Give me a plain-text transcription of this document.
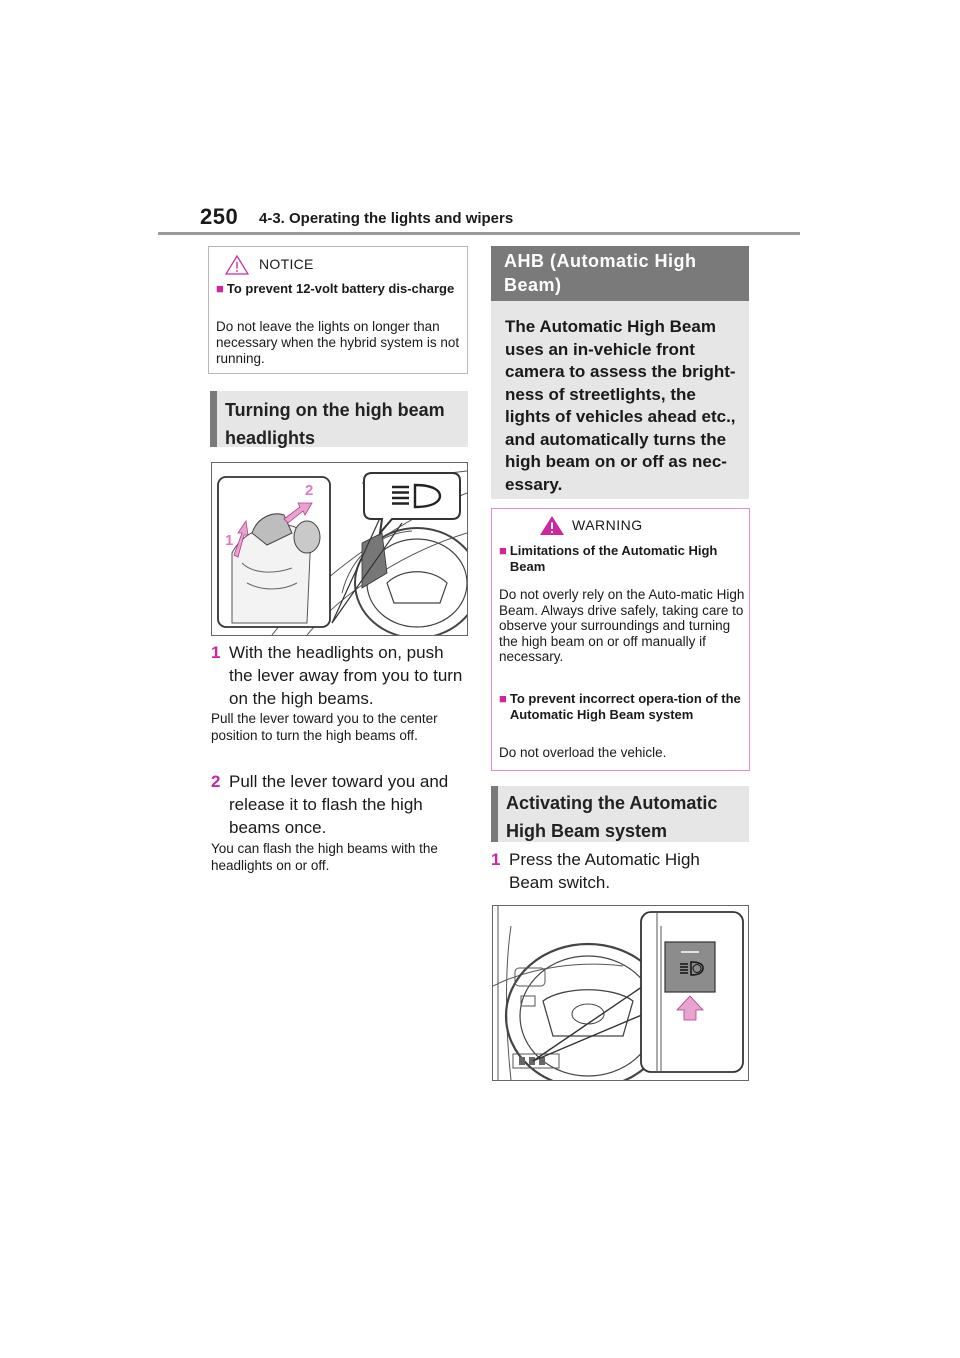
250 4-3. Operating the lights and wipers
NOTICE
■ To prevent 12-volt battery dis-charge
Do not leave the lights on longer than necessary when the hybrid system is not running.
Turning on the high beam
headlights
2
1
1 With the headlights on, push the lever away from you to turn on the high beams.
Pull the lever toward you to the center position to turn the high beams off.
2 Pull the lever toward you and release it to flash the high beams once.
You can flash the high beams with the headlights on or off.
AHB (Automatic High
Beam)
The Automatic High Beam uses an in-vehicle front camera to assess the bright-ness of streetlights, the lights of vehicles ahead etc., and automatically turns the high beam on or off as nec-essary.
WARNING
■ Limitations of the Automatic High Beam
Do not overly rely on the Auto-matic High Beam. Always drive safely, taking care to observe your surroundings and turning the high beam on or off manually if necessary.
■ To prevent incorrect opera-tion of the Automatic High Beam system
Do not overload the vehicle.
Activating the Automatic
High Beam system
1 Press the Automatic High Beam switch.
